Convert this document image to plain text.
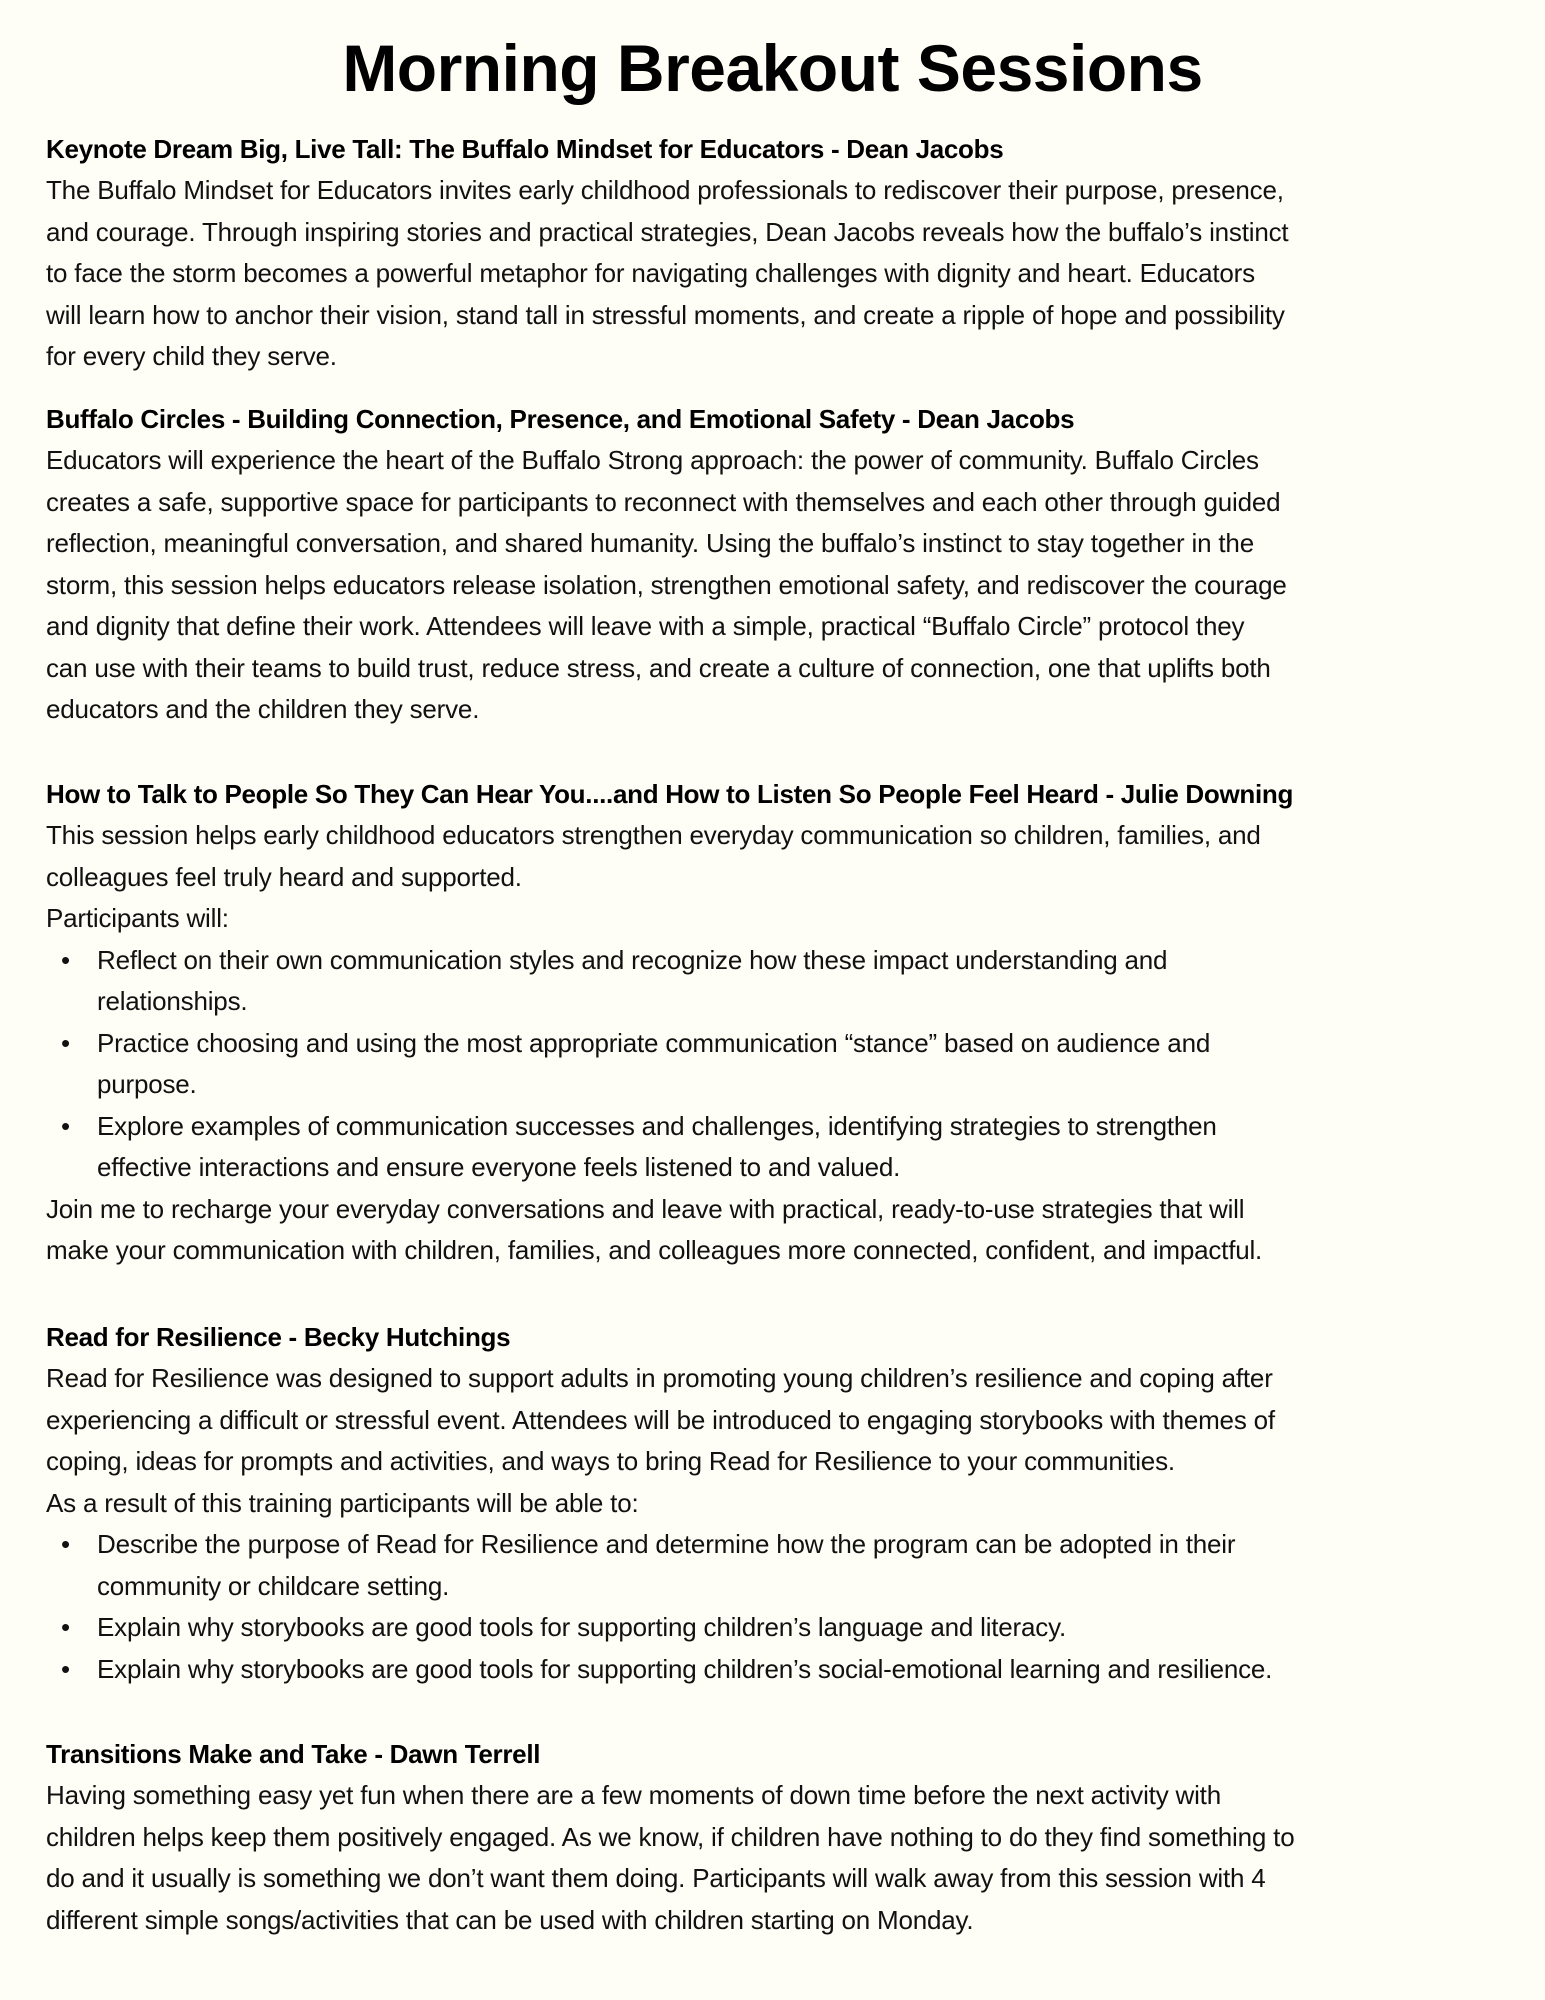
Morning Breakout Sessions
Keynote Dream Big, Live Tall: The Buffalo Mindset for Educators - Dean Jacobs

The Buffalo Mindset for Educators invites early childhood professionals to rediscover their purpose, presence,

and courage. Through inspiring stories and practical strategies, Dean Jacobs reveals how the buffalo’s instinct

to face the storm becomes a powerful metaphor for navigating challenges with dignity and heart. Educators

will learn how to anchor their vision, stand tall in stressful moments, and create a ripple of hope and possibility

for every child they serve.

Buffalo Circles - Building Connection, Presence, and Emotional Safety - Dean Jacobs

Educators will experience the heart of the Buffalo Strong approach: the power of community. Buffalo Circles

creates a safe, supportive space for participants to reconnect with themselves and each other through guided

reflection, meaningful conversation, and shared humanity. Using the buffalo’s instinct to stay together in the

storm, this session helps educators release isolation, strengthen emotional safety, and rediscover the courage

and dignity that define their work. Attendees will leave with a simple, practical “Buffalo Circle” protocol they

can use with their teams to build trust, reduce stress, and create a culture of connection, one that uplifts both

educators and the children they serve.

How to Talk to People So They Can Hear You....and How to Listen So People Feel Heard - Julie Downing

This session helps early childhood educators strengthen everyday communication so children, families, and

colleagues feel truly heard and supported.

Participants will:

• Reflect on their own communication styles and recognize how these impact understanding and

relationships.

• Practice choosing and using the most appropriate communication “stance” based on audience and

purpose.

• Explore examples of communication successes and challenges, identifying strategies to strengthen

effective interactions and ensure everyone feels listened to and valued.

Join me to recharge your everyday conversations and leave with practical, ready-to-use strategies that will

make your communication with children, families, and colleagues more connected, confident, and impactful.

Read for Resilience - Becky Hutchings

Read for Resilience was designed to support adults in promoting young children’s resilience and coping after

experiencing a difficult or stressful event. Attendees will be introduced to engaging storybooks with themes of

coping, ideas for prompts and activities, and ways to bring Read for Resilience to your communities.

As a result of this training participants will be able to:

• Describe the purpose of Read for Resilience and determine how the program can be adopted in their

community or childcare setting.

• Explain why storybooks are good tools for supporting children’s language and literacy.

• Explain why storybooks are good tools for supporting children’s social-emotional learning and resilience.

Transitions Make and Take - Dawn Terrell

Having something easy yet fun when there are a few moments of down time before the next activity with

children helps keep them positively engaged. As we know, if children have nothing to do they find something to

do and it usually is something we don’t want them doing. Participants will walk away from this session with 4

different simple songs/activities that can be used with children starting on Monday.
